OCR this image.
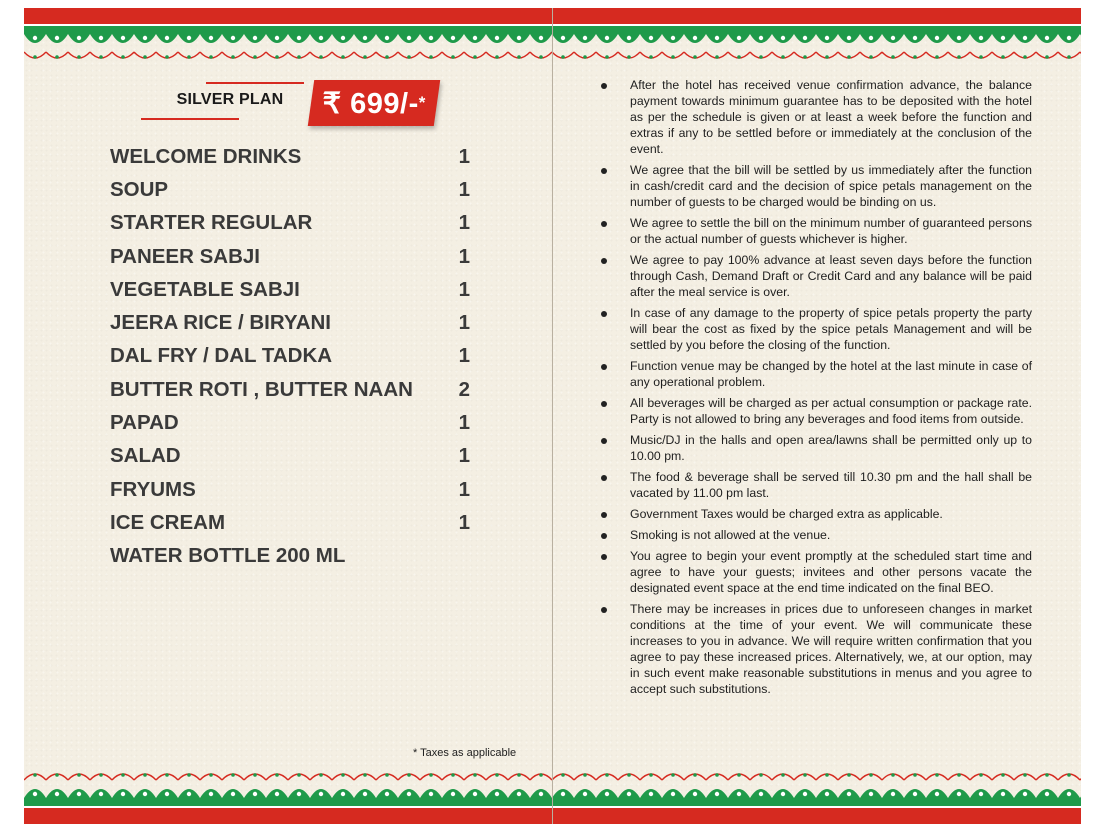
SILVER PLAN	₹ 699/- *
WELCOME DRINKS	1
SOUP	1
STARTER REGULAR	1
PANEER SABJI	1
VEGETABLE SABJI	1
JEERA RICE / BIRYANI	1
DAL FRY / DAL TADKA	1
BUTTER ROTI , BUTTER NAAN	2
PAPAD	1
SALAD	1
FRYUMS	1
ICE CREAM	1
WATER BOTTLE 200 ML
* Taxes as applicable
After the hotel has received venue confirmation advance, the balance payment towards minimum guarantee has to be deposited with the hotel as per the schedule is given or at least a week before the function and extras if any to be settled before or immediately at the conclusion of the event.
We agree that the bill will be settled by us immediately after the function in cash/credit card and the decision of spice petals management on the number of guests to be charged would be binding on us.
We agree to settle the bill on the minimum number of guaranteed persons or the actual number of guests whichever is higher.
We agree to pay 100% advance at least seven days before the function through Cash, Demand Draft or Credit Card and any balance will be paid after the meal service is over.
In case of any damage to the property of spice petals property the party will bear the cost as fixed by the spice petals Management and will be settled by you before the closing of the function.
Function venue may be changed by the hotel at the last minute in case of any operational problem.
All beverages will be charged as per actual consumption or package rate. Party is not allowed to bring any beverages and food items from outside.
Music/DJ in the halls and open area/lawns shall be permitted only up to 10.00 pm.
The food & beverage shall be served till 10.30 pm and the hall shall be vacated by 11.00 pm last.
Government Taxes would be charged extra as applicable.
Smoking is not allowed at the venue.
You agree to begin your event promptly at the scheduled start time and agree to have your guests; invitees and other persons vacate the designated event space at the end time indicated on the final BEO.
There may be increases in prices due to unforeseen changes in market conditions at the time of your event. We will communicate these increases to you in advance. We will require written confirmation that you agree to pay these increased prices. Alternatively, we, at our option, may in such event make reasonable substitutions in menus and you agree to accept such substitutions.
